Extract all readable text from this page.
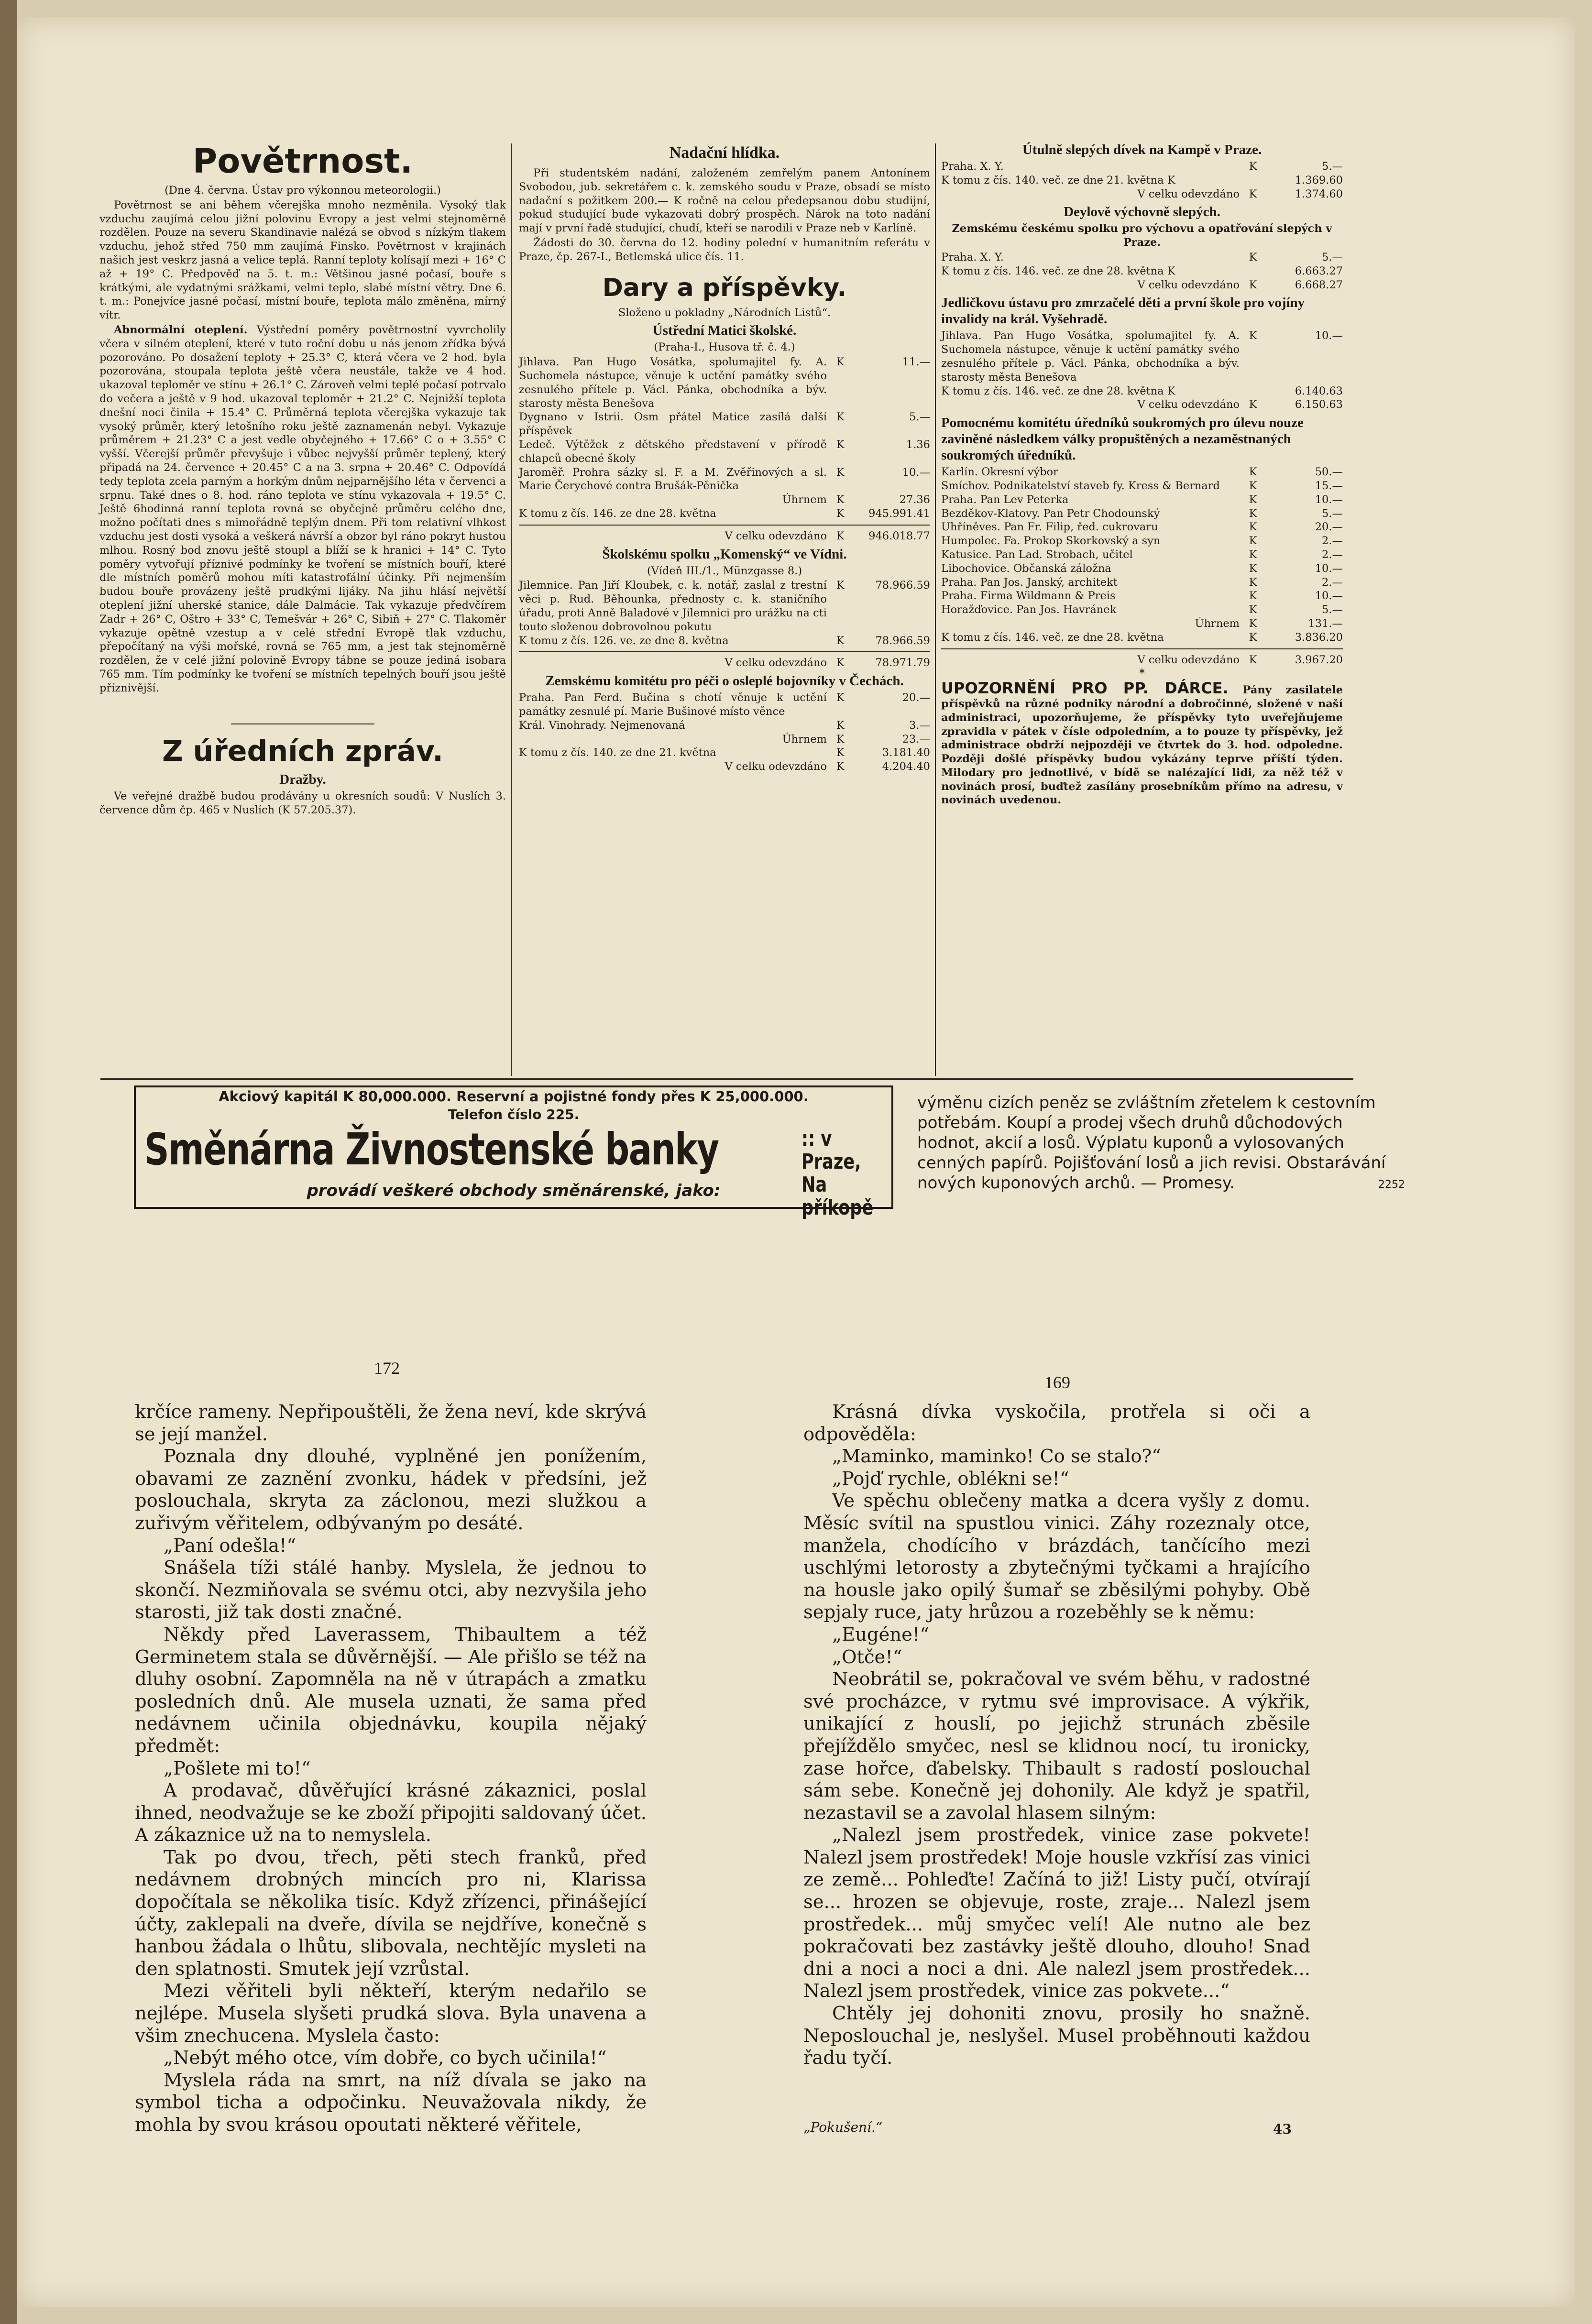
Povětrnost.

(Dne 4. června. Ústav pro výkonnou meteorologii.)

Povětrnost se ani během včerejška mnoho nezměnila. Vysoký tlak vzduchu zaujímá celou jižní polovinu Evropy a jest velmi stejnoměrně rozdělen. Pouze na severu Skandinavie nalézá se obvod s nízkým tlakem vzduchu, jehož střed 750 mm zaujímá Finsko. Povětrnost v krajinách našich jest veskrz jasná a velice teplá. Ranní teploty kolísají mezi + 16° C až + 19° C. Předpověď na 5. t. m.: Většinou jasné počasí, bouře s krátkými, ale vydatnými srážkami, velmi teplo, slabé místní větry. Dne 6. t. m.: Ponejvíce jasné počasí, místní bouře, teplota málo změněna, mírný vítr.

Abnormální oteplení. Výstřední poměry povětrnostní vyvrcholily včera v silném oteplení, které v tuto roční dobu u nás jenom zřídka bývá pozorováno. Po dosažení teploty + 25.3° C, která včera ve 2 hod. byla pozorována, stoupala teplota ještě včera neustále, takže ve 4 hod. ukazoval teploměr ve stínu + 26.1° C. Zároveň velmi teplé počasí potrvalo do večera a ještě v 9 hod. ukazoval teploměr + 21.2° C. Nejnižší teplota dnešní noci činila + 15.4° C. Průměrná teplota včerejška vykazuje tak vysoký průměr, který letošního roku ještě zaznamenán nebyl. Vykazuje průměrem + 21.23° C a jest vedle obyčejného + 17.66° C o + 3.55° C vyšší. Včerejší průměr převyšuje i vůbec nejvyšší průměr teplený, který připadá na 24. července + 20.45° C a na 3. srpna + 20.46° C. Odpovídá tedy teplota zcela parným a horkým dnům nejparnějšího léta v červenci a srpnu. Také dnes o 8. hod. ráno teplota ve stínu vykazovala + 19.5° C. Ještě 6hodinná ranní teplota rovná se obyčejně průměru celého dne, možno počítati dnes s mimořádně teplým dnem. Při tom relativní vlhkost vzduchu jest dosti vysoká a veškerá návrší a obzor byl ráno pokryt hustou mlhou. Rosný bod znovu ještě stoupl a blíží se k hranici + 14° C. Tyto poměry vytvořují příznivé podmínky ke tvoření se místních bouří, které dle místních poměrů mohou míti katastrofální účinky. Při nejmenším budou bouře provázeny ještě prudkými lijáky. Na jihu hlásí největší oteplení jižní uherské stanice, dále Dalmácie. Tak vykazuje předvčírem Zadr + 26° C, Oštro + 33° C, Temešvár + 26° C, Sibiň + 27° C. Tlakoměr vykazuje opětně vzestup a v celé střední Evropě tlak vzduchu, přepočítaný na výši mořské, rovná se 765 mm, a jest tak stejnoměrně rozdělen, že v celé jižní polovině Evropy tábne se pouze jediná isobara 765 mm. Tím podmínky ke tvoření se místních tepelných bouří jsou ještě příznivější.

Z úředních zpráv.
Dražby.

Ve veřejné dražbě budou prodávány u okresních soudů: V Nuslích 3. července dům čp. 465 v Nuslích (K 57.205.37).

Nadační hlídka.

Při studentském nadání, založeném zemřelým panem Antonínem Svobodou, jub. sekretářem c. k. zemského soudu v Praze, obsadí se místo nadační s požitkem 200.— K ročně na celou předepsanou dobu studijní, pokud studující bude vykazovati dobrý prospěch. Nárok na toto nadání mají v první řadě studující, chudí, kteří se narodili v Praze neb v Karlíně.

Žádosti do 30. června do 12. hodiny polední v humanitním referátu v Praze, čp. 267-I., Betlemská ulice čís. 11.

Dary a příspěvky.

Složeno u pokladny „Národních Listů“.

Ústřední Matici školské.

(Praha-I., Husova tř. č. 4.)

Jihlava. Pan Hugo Vosátka, spolumajitel fy. A. Suchomela nástupce, věnuje k uctění památky svého zesnulého přítele p. Václ. Pánka, obchodníka a býv. starosty města Benešova
K	11.—
Dygnano v Istrii. Osm přátel Matice zasílá další příspěvek
K	5.—
Ledeč. Výtěžek z dětského představení v přírodě chlapců obecné školy
K	1.36
Jaroměř. Prohra sázky sl. F. a M. Zvěřinových a sl. Marie Čerychové contra Brušák-Pěnička
K	10.—
Úhrnem K	27.36
K tomu z čís. 146. ze dne 28. května	K	945.991.41
V celku odevzdáno K	946.018.77
Školskému spolku „Komenský“ ve Vídni.

(Vídeň III./1., Münzgasse 8.)

Jilemnice. Pan Jiří Kloubek, c. k. notář, zaslal z trestní věci p. Rud. Běhounka, přednosty c. k. staničního úřadu, proti Anně Baladové v Jilemnici pro urážku na cti touto složenou dobrovolnou pokutu
K	78.966.59
K tomu z čís. 126. ve. ze dne 8. května	K	78.966.59
V celku odevzdáno K	78.971.79
Zemskému komitétu pro péči o osleplé bojovníky v Čechách.
Praha. Pan Ferd. Bučina s chotí věnuje k uctění památky zesnulé pí. Marie Bušinové místo věnce
K	20.—
Král. Vinohrady. Nejmenovaná	K	3.—
Úhrnem K	23.—
K tomu z čís. 140. ze dne 21. května	K	3.181.40
V celku odevzdáno K	4.204.40
Útulně slepých dívek na Kampě v Praze.
Praha. X. Y.	K	5.—
K tomu z čís. 140. več. ze dne 21. května K	1.369.60
V celku odevzdáno K	1.374.60
Deylově výchovně slepých.

Zemskému českému spolku pro výchovu a opatřování slepých v Praze.

Praha. X. Y.	K	5.—
K tomu z čís. 146. več. ze dne 28. května K	6.663.27
V celku odevzdáno K	6.668.27
Jedličkovu ústavu pro zmrzačelé děti a první škole pro vojíny invalidy na král. Vyšehradě.
Jihlava. Pan Hugo Vosátka, spolumajitel fy. A. Suchomela nástupce, věnuje k uctění památky svého zesnulého přítele p. Václ. Pánka, obchodníka a býv. starosty města Benešova
K	10.—
K tomu z čís. 146. več. ze dne 28. května K	6.140.63
V celku odevzdáno K	6.150.63
Pomocnému komitétu úředníků soukromých pro úlevu nouze zaviněné následkem války propuštěných a nezaměstnaných soukromých úředníků.
Karlín. Okresní výbor	K	50.—
Smíchov. Podnikatelství staveb fy. Kress & Bernard	K	15.—
Praha. Pan Lev Peterka	K	10.—
Bezděkov-Klatovy. Pan Petr Chodounský	K	5.—
Uhříněves. Pan Fr. Filip, řed. cukrovaru	K	20.—
Humpolec. Fa. Prokop Skorkovský a syn	K	2.—
Katusice. Pan Lad. Strobach, učitel	K	2.—
Libochovice. Občanská záložna	K	10.—
Praha. Pan Jos. Janský, architekt	K	2.—
Praha. Firma Wildmann & Preis	K	10.—
Horažďovice. Pan Jos. Havránek	K	5.—
Úhrnem K	131.—
K tomu z čís. 146. več. ze dne 28. května	K	3.836.20
V celku odevzdáno K	3.967.20

*

UPOZORNĚNÍ PRO PP. DÁRCE. Pány zasilatele příspěvků na různé podniky národní a dobročinné, složené v naší administraci, upozorňujeme, že příspěvky tyto uveřejňujeme zpravidla v pátek v čísle odpoledním, a to pouze ty příspěvky, jež administrace obdrží nejpozději ve čtvrtek do 3. hod. odpoledne. Později došlé příspěvky budou vykázány teprve příští týden. Milodary pro jednotlivé, v bídě se nalézající lidi, za něž též v novinách prosí, buďtež zasílány prosebníkům přímo na adresu, v novinách uvedenou.

Akciový kapitál K 80,000.000. Reservní a pojistné fondy přes K 25,000.000.
Telefon číslo 225.
Směnárna Živnostenské banky	:: v Praze,
Na příkopě
provádí veškeré obchody směnárenské, jako:
výměnu cizích peněz se zvláštním zřetelem k cestovním potřebám. Koupí a prodej všech druhů důchodových hodnot, akcií a losů. Výplatu kuponů a vylosovaných cenných papírů. Pojišťování losů a jich revisi. Obstarávání nových kuponových archů. — Promesy.	2252
172
169

krčíce rameny. Nepřipouštěli, že žena neví, kde skrývá se její manžel.

Poznala dny dlouhé, vyplněné jen ponížením, obavami ze zaznění zvonku, hádek v předsíni, jež poslouchala, skryta za záclonou, mezi služkou a zuřivým věřitelem, odbývaným po desáté.

„Paní odešla!“

Snášela tíži stálé hanby. Myslela, že jednou to skončí. Nezmiňovala se svému otci, aby nezvyšila jeho starosti, již tak dosti značné.

Někdy před Laverassem, Thibaultem a též Germinetem stala se důvěrnější. — Ale přišlo se též na dluhy osobní. Zapomněla na ně v útrapách a zmatku posledních dnů. Ale musela uznati, že sama před nedávnem učinila objednávku, koupila nějaký předmět:

„Pošlete mi to!“

A prodavač, důvěřující krásné zákaznici, poslal ihned, neodvažuje se ke zboží připojiti saldovaný účet. A zákaznice už na to nemyslela.

Tak po dvou, třech, pěti stech franků, před nedávnem drobných mincích pro ni, Klarissa dopočítala se několika tisíc. Když zřízenci, přinášející účty, zaklepali na dveře, dívila se nejdříve, konečně s hanbou žádala o lhůtu, slibovala, nechtějíc mysleti na den splatnosti. Smutek její vzrůstal.

Mezi věřiteli byli někteří, kterým nedařilo se nejlépe. Musela slyšeti prudká slova. Byla unavena a všim znechucena. Myslela často:

„Nebýt mého otce, vím dobře, co bych učinila!“

Myslela ráda na smrt, na níž dívala se jako na symbol ticha a odpočinku. Neuvažovala nikdy, že mohla by svou krásou opoutati některé věřitele,

Krásná dívka vyskočila, protřela si oči a odpověděla:

„Maminko, maminko! Co se stalo?“

„Pojď rychle, oblékni se!“

Ve spěchu oblečeny matka a dcera vyšly z domu. Měsíc svítil na spustlou vinici. Záhy rozeznaly otce, manžela, chodícího v brázdách, tančícího mezi uschlými letorosty a zbytečnými tyčkami a hrajícího na housle jako opilý šumař se zběsilými pohyby. Obě sepjaly ruce, jaty hrůzou a rozeběhly se k němu:

„Eugéne!“

„Otče!“

Neobrátil se, pokračoval ve svém běhu, v radostné své procházce, v rytmu své improvisace. A výkřik, unikající z houslí, po jejichž strunách zběsile přejíždělo smyčec, nesl se klidnou nocí, tu ironicky, zase hořce, ďabelsky. Thibault s radostí poslouchal sám sebe. Konečně jej dohonily. Ale když je spatřil, nezastavil se a zavolal hlasem silným:

„Nalezl jsem prostředek, vinice zase pokvete! Nalezl jsem prostředek! Moje housle vzkřísí zas vinici ze země... Pohleďte! Začíná to již! Listy pučí, otvírají se... hrozen se objevuje, roste, zraje... Nalezl jsem prostředek... můj smyčec velí! Ale nutno ale bez pokračovati bez zastávky ještě dlouho, dlouho! Snad dni a noci a noci a dni. Ale nalezl jsem prostředek... Nalezl jsem prostředek, vinice zas pokvete...“

Chtěly jej dohoniti znovu, prosily ho snažně. Neposlouchal je, neslyšel. Musel proběhnouti každou řadu tyčí.

„Pokušení.“	43
